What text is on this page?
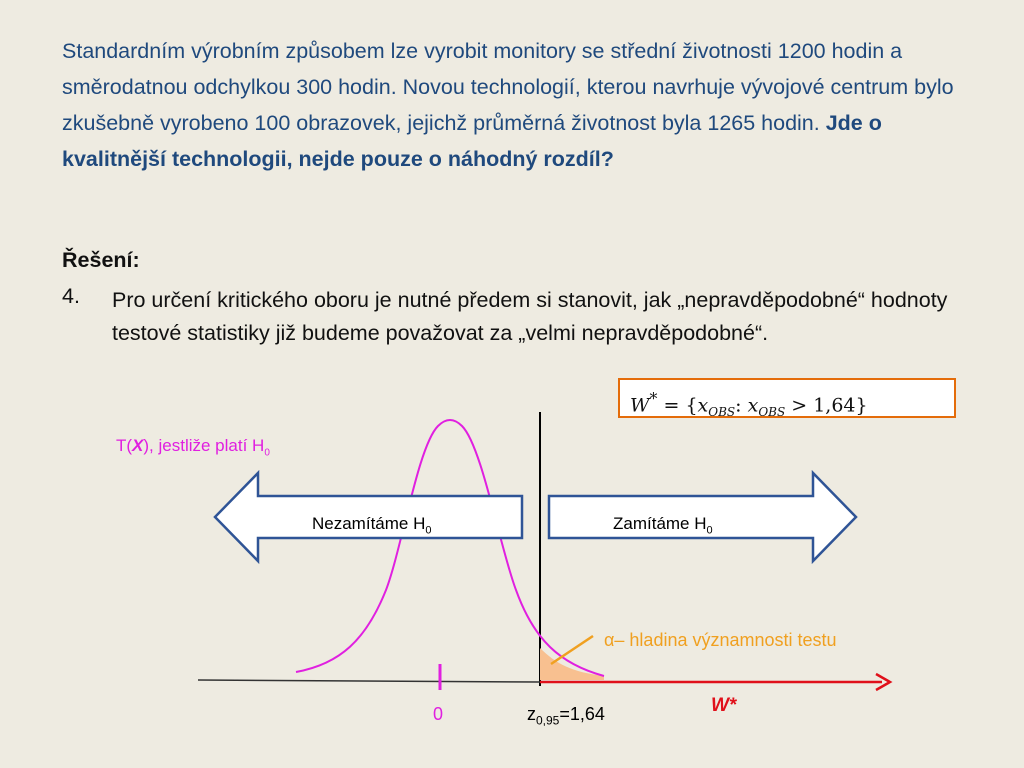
Standardním výrobním způsobem lze vyrobit monitory se střední životnosti 1200 hodin a směrodatnou odchylkou 300 hodin. Novou technologií, kterou navrhuje vývojové centrum bylo zkušebně vyrobeno 100 obrazovek, jejichž průměrná životnost byla 1265 hodin. Jde o kvalitnější technologii, nejde pouze o náhodný rozdíl?
Řešení:
4. Pro určení kritického oboru je nutné předem si stanovit, jak „nepravděpodobné“ hodnoty testové statistiky již budeme považovat za „velmi nepravděpodobné“.
$W^* = \{x_{OBS}$: $x_{OBS} > 1,64$}
T(X), jestliže platí $H_0$
Nezamítáme $H_0$	Zamítáme $H_0$
α– hladina významnosti testu
0	$z_{0,95}=1,64$	W*
